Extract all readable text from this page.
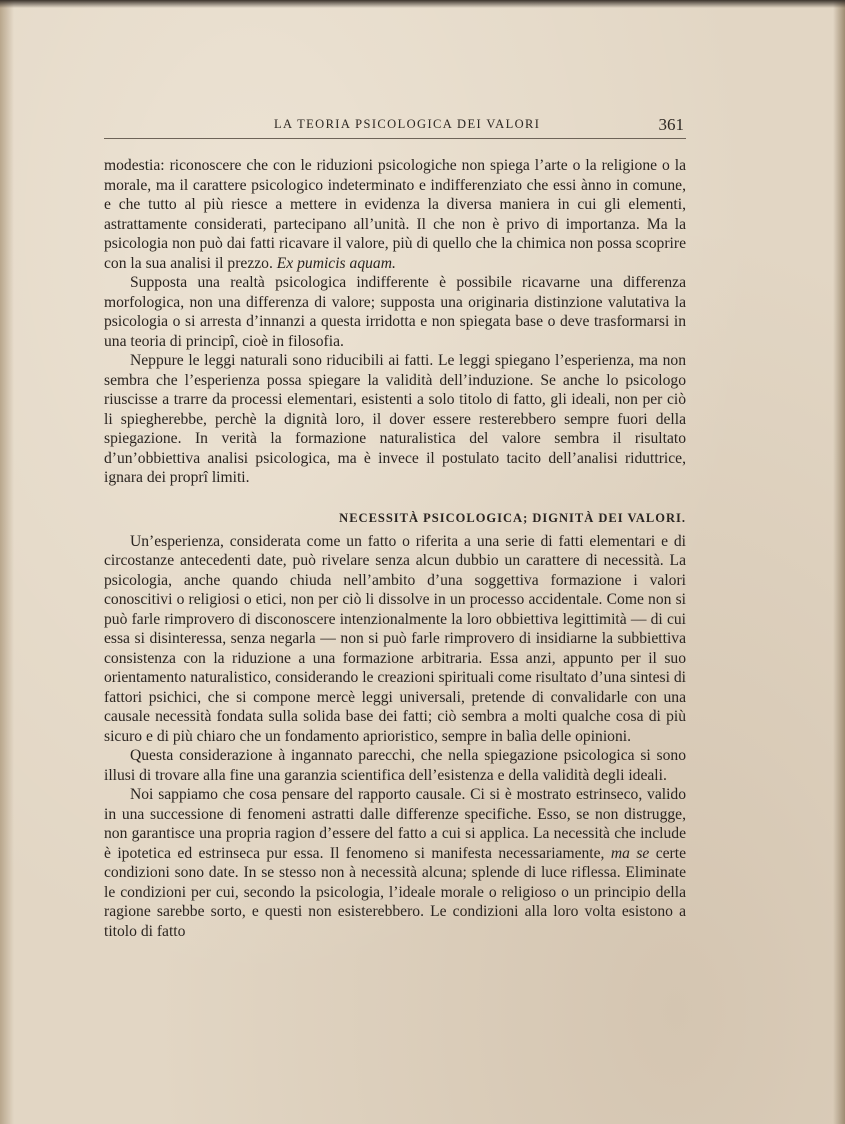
LA TEORIA PSICOLOGICA DEI VALORI	361

modestia: riconoscere che con le riduzioni psicologiche non spiega l’arte o la religione o la morale, ma il carattere psicologico indeterminato e indifferenziato che essi ànno in comune, e che tutto al più riesce a mettere in evidenza la diversa maniera in cui gli elementi, astrattamente considerati, partecipano all’unità. Il che non è privo di importanza. Ma la psicologia non può dai fatti ricavare il valore, più di quello che la chimica non possa scoprire con la sua analisi il prezzo. Ex pumicis aquam.

Supposta una realtà psicologica indifferente è possibile ricavarne una differenza morfologica, non una differenza di valore; supposta una originaria distinzione valutativa la psicologia o si arresta d’innanzi a questa irridotta e non spiegata base o deve trasformarsi in una teoria di principî, cioè in filosofia.

Neppure le leggi naturali sono riducibili ai fatti. Le leggi spiegano l’esperienza, ma non sembra che l’esperienza possa spiegare la validità dell’induzione. Se anche lo psicologo riuscisse a trarre da processi elementari, esistenti a solo titolo di fatto, gli ideali, non per ciò li spiegherebbe, perchè la dignità loro, il dover essere resterebbero sempre fuori della spiegazione. In verità la formazione naturalistica del valore sembra il risultato d’un’obbiettiva analisi psicologica, ma è invece il postulato tacito dell’analisi riduttrice, ignara dei proprî limiti.

NECESSITÀ PSICOLOGICA; DIGNITÀ DEI VALORI.

Un’esperienza, considerata come un fatto o riferita a una serie di fatti elementari e di circostanze antecedenti date, può rivelare senza alcun dubbio un carattere di necessità. La psicologia, anche quando chiuda nell’ambito d’una soggettiva formazione i valori conoscitivi o religiosi o etici, non per ciò li dissolve in un processo accidentale. Come non si può farle rimprovero di disconoscere intenzionalmente la loro obbiettiva legittimità — di cui essa si disinteressa, senza negarla — non si può farle rimprovero di insidiarne la subbiettiva consistenza con la riduzione a una formazione arbitraria. Essa anzi, appunto per il suo orientamento naturalistico, considerando le creazioni spirituali come risultato d’una sintesi di fattori psichici, che si compone mercè leggi universali, pretende di convalidarle con una causale necessità fondata sulla solida base dei fatti; ciò sembra a molti qualche cosa di più sicuro e di più chiaro che un fondamento aprioristico, sempre in balìa delle opinioni.

Questa considerazione à ingannato parecchi, che nella spiegazione psicologica si sono illusi di trovare alla fine una garanzia scientifica dell’esistenza e della validità degli ideali.

Noi sappiamo che cosa pensare del rapporto causale. Ci si è mostrato estrinseco, valido in una successione di fenomeni astratti dalle differenze specifiche. Esso, se non distrugge, non garantisce una propria ragion d’essere del fatto a cui si applica. La necessità che include è ipotetica ed estrinseca pur essa. Il fenomeno si manifesta necessariamente, ma se certe condizioni sono date. In se stesso non à necessità alcuna; splende di luce riflessa. Eliminate le condizioni per cui, secondo la psicologia, l’ideale morale o religioso o un principio della ragione sarebbe sorto, e questi non esisterebbero. Le condizioni alla loro volta esistono a titolo di fatto
